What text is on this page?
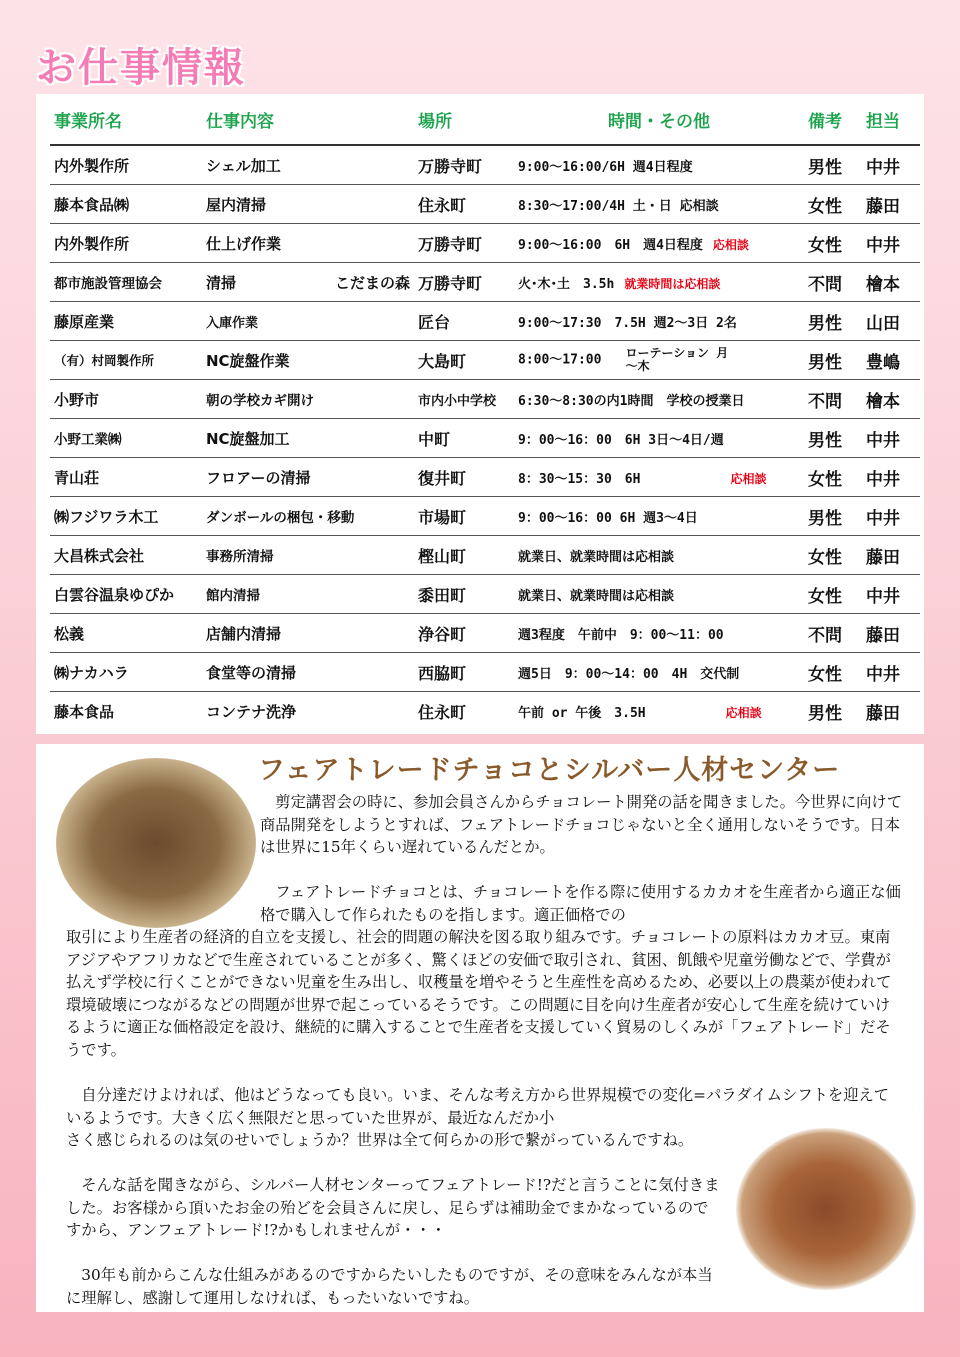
お仕事情報
事業所名	仕事内容	場所	時間・その他	備考	担当
内外製作所	シェル加工	万勝寺町	9:00～16:00/6H 週4日程度	男性	中井
藤本食品㈱	屋内清掃	住永町	8:30～17:00/4H 土・日 応相談	女性	藤田
内外製作所	仕上げ作業	万勝寺町	9:00～16:00　6H　週4日程度 応相談	女性	中井
都市施設管理協会	清掃 こだまの森	万勝寺町	火･木･土　3.5h 就業時間は応相談	不問	檜本
藤原産業	入庫作業	匠台	9:00～17:30　7.5H 週2～3日 2名	男性	山田
（有）村岡製作所	NC旋盤作業	大島町	8:00～17:00 ローテーション 月～木	男性	豊嶋
小野市	朝の学校カギ開け	市内小中学校	6:30～8:30の内1時間　学校の授業日	不問	檜本
小野工業㈱	NC旋盤加工	中町	9：00～16：00　6H 3日～4日/週	男性	中井
青山荘	フロアーの清掃	復井町	8：30～15：30　6H 応相談	女性	中井
㈱フジワラ木工	ダンボールの梱包・移動	市場町	9：00～16：00 6H 週3～4日	男性	中井
大昌株式会社	事務所清掃	樫山町	就業日、就業時間は応相談	女性	藤田
白雲谷温泉ゆぴか	館内清掃	黍田町	就業日、就業時間は応相談	女性	中井
松義	店舗内清掃	浄谷町	週3程度　午前中　9：00～11：00	不問	藤田
㈱ナカハラ	食堂等の清掃	西脇町	週5日　9：00～14：00　4H　交代制	女性	中井
藤本食品	コンテナ洗浄	住永町	午前 or 午後　3.5H 応相談	男性	藤田
フェアトレードチョコとシルバー人材センター
　剪定講習会の時に、参加会員さんからチョコレート開発の話を聞きました。今世界に向けて商品開発をしようとすれば、フェアトレードチョコじゃないと全く通用しないそうです。日本は世界に15年くらい遅れているんだとか。
　フェアトレードチョコとは、チョコレートを作る際に使用するカカオを生産者から適正な価格で購入して作られたものを指します。適正価格での
取引により生産者の経済的自立を支援し、社会的問題の解決を図る取り組みです。チョコレートの原料はカカオ豆。東南アジアやアフリカなどで生産されていることが多く、驚くほどの安価で取引され、貧困、飢餓や児童労働などで、学費が払えず学校に行くことができない児童を生み出し、収穫量を増やそうと生産性を高めるため、必要以上の農薬が使われて環境破壊につながるなどの問題が世界で起こっているそうです。この問題に目を向け生産者が安心して生産を続けていけるように適正な価格設定を設け、継続的に購入することで生産者を支援していく貿易のしくみが「フェアトレード」だそうです。
　自分達だけよければ、他はどうなっても良い。いま、そんな考え方から世界規模での変化=パラダイムシフトを迎えているようです。大きく広く無限だと思っていた世界が、最近なんだか小
さく感じられるのは気のせいでしょうか？世界は全て何らかの形で繋がっているんですね。
　そんな話を聞きながら、シルバー人材センターってフェアトレード!?だと言うことに気付きました。お客様から頂いたお金の殆どを会員さんに戻し、足らずは補助金でまかなっているのですから、アンフェアトレード!?かもしれませんが・・・
　30年も前からこんな仕組みがあるのですからたいしたものですが、その意味をみんなが本当に理解し、感謝して運用しなければ、もったいないですね。
